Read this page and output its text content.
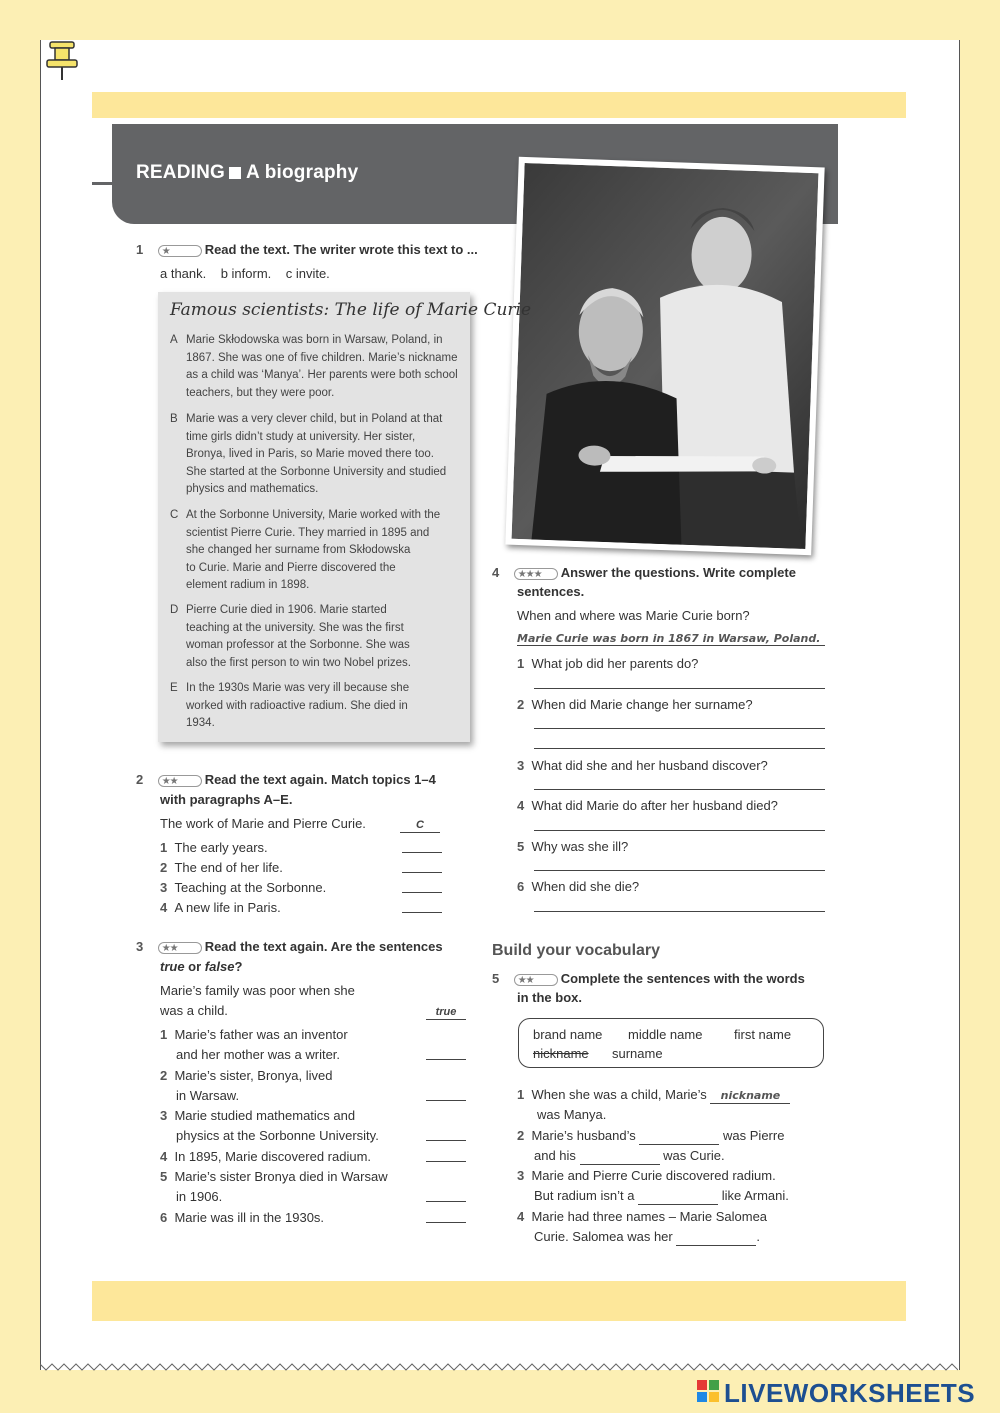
READING A biography
1 ★	Read the text. The writer wrote this text to ...
a thank.    b inform.    c invite.
Famous scientists: The life of Marie Curie
A Marie Skłodowska was born in Warsaw, Poland, in
1867. She was one of five children. Marie’s nickname
as a child was ‘Manya’. Her parents were both school
teachers, but they were poor.
B Marie was a very clever child, but in Poland at that
time girls didn’t study at university. Her sister,
Bronya, lived in Paris, so Marie moved there too.
She started at the Sorbonne University and studied
physics and mathematics.
C At the Sorbonne University, Marie worked with the
scientist Pierre Curie. They married in 1895 and
she changed her surname from Skłodowska
to Curie. Marie and Pierre discovered the
element radium in 1898.
D Pierre Curie died in 1906. Marie started
teaching at the university. She was the first
woman professor at the Sorbonne. She was
also the first person to win two Nobel prizes.
E In the 1930s Marie was very ill because she
worked with radioactive radium. She died in
1934.
2 ★★ Read the text again. Match topics 1–4
with paragraphs A–E.
The work of Marie and Pierre Curie.	C
1 The early years.
2 The end of her life.
3 Teaching at the Sorbonne.
4 A new life in Paris.
3 ★★ Read the text again. Are the sentences
true or false?
Marie’s family was poor when she
was a child.	true
1 Marie’s father was an inventor
and her mother was a writer.
2 Marie’s sister, Bronya, lived
in Warsaw.
3 Marie studied mathematics and
physics at the Sorbonne University.
4 In 1895, Marie discovered radium.
5 Marie’s sister Bronya died in Warsaw
in 1906.
6 Marie was ill in the 1930s.
4 ★★★ Answer the questions. Write complete
sentences.
When and where was Marie Curie born?
Marie Curie was born in 1867 in Warsaw, Poland.
1 What job did her parents do?
2 When did Marie change her surname?
3 What did she and her husband discover?
4 What did Marie do after her husband died?
5 Why was she ill?
6 When did she die?
Build your vocabulary
5 ★★ Complete the sentences with the words
in the box.
brand name middle name first name
nickname surname
1 When she was a child, Marie’s nickname
was Manya.
2 Marie’s husband’s	was Pierre
and his	was Curie.
3 Marie and Pierre Curie discovered radium.
But radium isn’t a	like Armani.
4 Marie had three names – Marie Salomea
Curie. Salomea was her	.
LIVEWORKSHEETS
